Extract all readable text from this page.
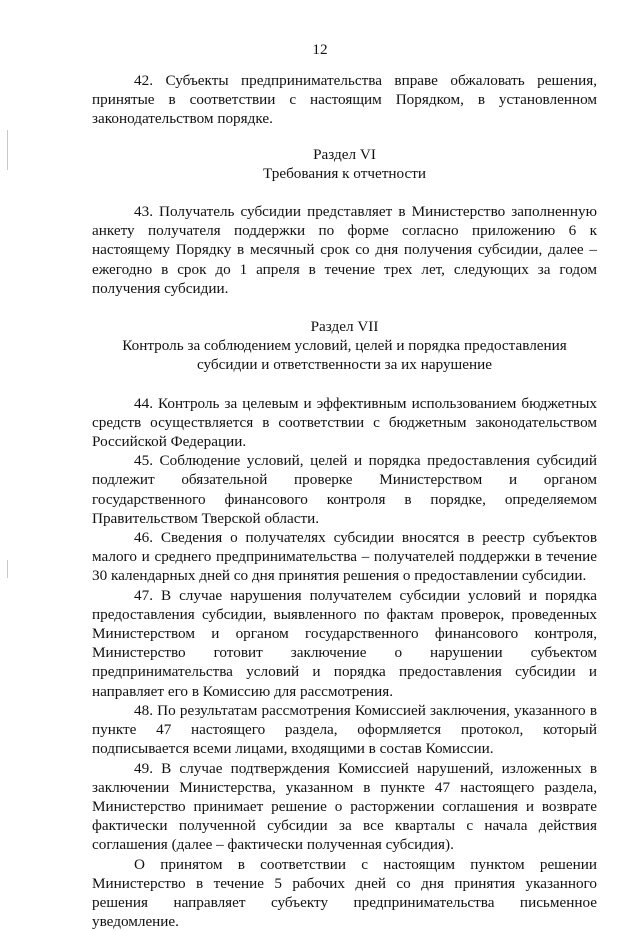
12

42. Субъекты предпринимательства вправе обжаловать решения, принятые в соответствии с настоящим Порядком, в установленном законодательством порядке.

Раздел VI
Требования к отчетности

43. Получатель субсидии представляет в Министерство заполненную анкету получателя поддержки по форме согласно приложению 6 к настоящему Порядку в месячный срок со дня получения субсидии, далее – ежегодно в срок до 1 апреля в течение трех лет, следующих за годом получения субсидии.

Раздел VII
Контроль за соблюдением условий, целей и порядка предоставления
субсидии и ответственности за их нарушение

44. Контроль за целевым и эффективным использованием бюджетных средств осуществляется в соответствии с бюджетным законодательством Российской Федерации.

45. Соблюдение условий, целей и порядка предоставления субсидий подлежит обязательной проверке Министерством и органом государственного финансового контроля в порядке, определяемом Правительством Тверской области.

46. Сведения о получателях субсидии вносятся в реестр субъектов малого и среднего предпринимательства – получателей поддержки в течение 30 календарных дней со дня принятия решения о предоставлении субсидии.

47. В случае нарушения получателем субсидии условий и порядка предоставления субсидии, выявленного по фактам проверок, проведенных Министерством и органом государственного финансового контроля, Министерство готовит заключение о нарушении субъектом предпринимательства условий и порядка предоставления субсидии и направляет его в Комиссию для рассмотрения.

48. По результатам рассмотрения Комиссией заключения, указанного в пункте 47 настоящего раздела, оформляется протокол, который подписывается всеми лицами, входящими в состав Комиссии.

49. В случае подтверждения Комиссией нарушений, изложенных в заключении Министерства, указанном в пункте 47 настоящего раздела, Министерство принимает решение о расторжении соглашения и возврате фактически полученной субсидии за все кварталы с начала действия соглашения (далее – фактически полученная субсидия).

О принятом в соответствии с настоящим пунктом решении Министерство в течение 5 рабочих дней со дня принятия указанного решения направляет субъекту предпринимательства письменное уведомление.
